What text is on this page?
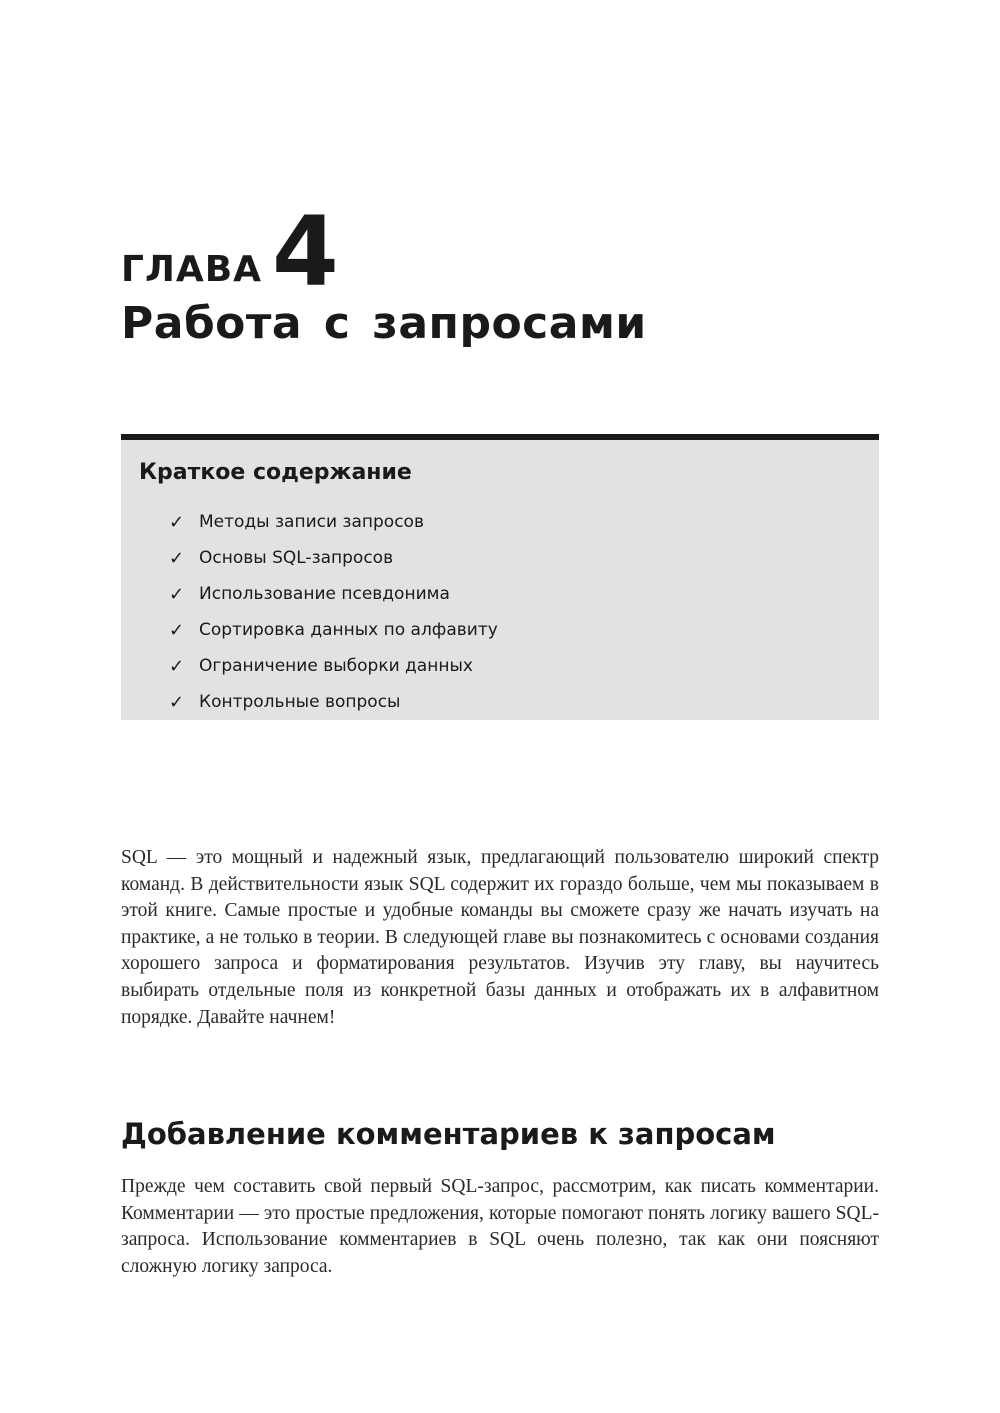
ГЛАВА 4
Работа с запросами
Краткое содержание
✓ Методы записи запросов
✓ Основы SQL-запросов
✓ Использование псевдонима
✓ Сортировка данных по алфавиту
✓ Ограничение выборки данных
✓ Контрольные вопросы

SQL — это мощный и надежный язык, предлагающий пользователю широкий спектр команд. В действительности язык SQL содержит их гораздо больше, чем мы показываем в этой книге. Самые простые и удобные команды вы сможете сразу же начать изучать на практике, а не только в теории. В следующей главе вы познакомитесь с основами создания хорошего запроса и форматирования результатов. Изучив эту главу, вы научитесь выбирать отдельные поля из конкретной базы данных и отображать их в алфавитном порядке. Давайте начнем!

Добавление комментариев к запросам

Прежде чем составить свой первый SQL-запрос, рассмотрим, как писать комментарии. Комментарии — это простые предложения, которые помогают понять логику вашего SQL-запроса. Использование комментариев в SQL очень полезно, так как они поясняют сложную логику запроса.
